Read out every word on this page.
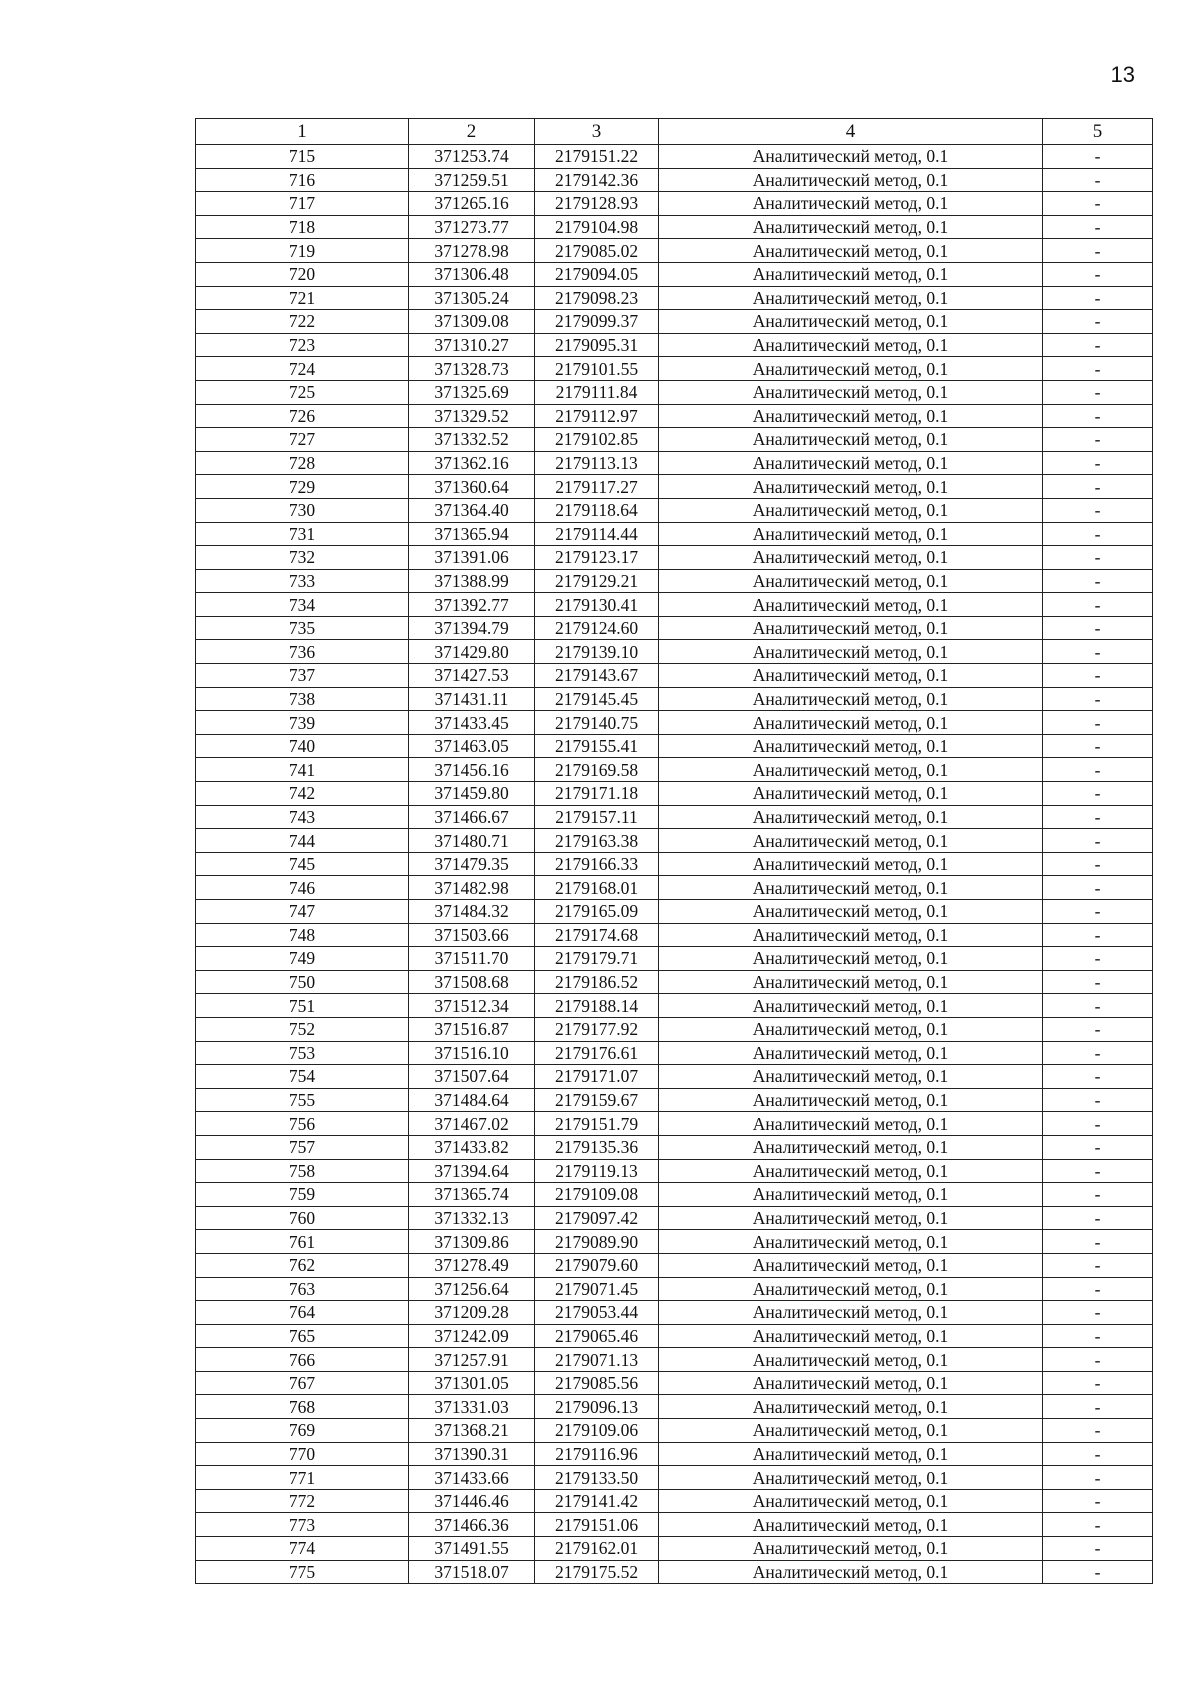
13
1	2	3	4	5
715	371253.74	2179151.22	Аналитический метод, 0.1	-
716	371259.51	2179142.36	Аналитический метод, 0.1	-
717	371265.16	2179128.93	Аналитический метод, 0.1	-
718	371273.77	2179104.98	Аналитический метод, 0.1	-
719	371278.98	2179085.02	Аналитический метод, 0.1	-
720	371306.48	2179094.05	Аналитический метод, 0.1	-
721	371305.24	2179098.23	Аналитический метод, 0.1	-
722	371309.08	2179099.37	Аналитический метод, 0.1	-
723	371310.27	2179095.31	Аналитический метод, 0.1	-
724	371328.73	2179101.55	Аналитический метод, 0.1	-
725	371325.69	2179111.84	Аналитический метод, 0.1	-
726	371329.52	2179112.97	Аналитический метод, 0.1	-
727	371332.52	2179102.85	Аналитический метод, 0.1	-
728	371362.16	2179113.13	Аналитический метод, 0.1	-
729	371360.64	2179117.27	Аналитический метод, 0.1	-
730	371364.40	2179118.64	Аналитический метод, 0.1	-
731	371365.94	2179114.44	Аналитический метод, 0.1	-
732	371391.06	2179123.17	Аналитический метод, 0.1	-
733	371388.99	2179129.21	Аналитический метод, 0.1	-
734	371392.77	2179130.41	Аналитический метод, 0.1	-
735	371394.79	2179124.60	Аналитический метод, 0.1	-
736	371429.80	2179139.10	Аналитический метод, 0.1	-
737	371427.53	2179143.67	Аналитический метод, 0.1	-
738	371431.11	2179145.45	Аналитический метод, 0.1	-
739	371433.45	2179140.75	Аналитический метод, 0.1	-
740	371463.05	2179155.41	Аналитический метод, 0.1	-
741	371456.16	2179169.58	Аналитический метод, 0.1	-
742	371459.80	2179171.18	Аналитический метод, 0.1	-
743	371466.67	2179157.11	Аналитический метод, 0.1	-
744	371480.71	2179163.38	Аналитический метод, 0.1	-
745	371479.35	2179166.33	Аналитический метод, 0.1	-
746	371482.98	2179168.01	Аналитический метод, 0.1	-
747	371484.32	2179165.09	Аналитический метод, 0.1	-
748	371503.66	2179174.68	Аналитический метод, 0.1	-
749	371511.70	2179179.71	Аналитический метод, 0.1	-
750	371508.68	2179186.52	Аналитический метод, 0.1	-
751	371512.34	2179188.14	Аналитический метод, 0.1	-
752	371516.87	2179177.92	Аналитический метод, 0.1	-
753	371516.10	2179176.61	Аналитический метод, 0.1	-
754	371507.64	2179171.07	Аналитический метод, 0.1	-
755	371484.64	2179159.67	Аналитический метод, 0.1	-
756	371467.02	2179151.79	Аналитический метод, 0.1	-
757	371433.82	2179135.36	Аналитический метод, 0.1	-
758	371394.64	2179119.13	Аналитический метод, 0.1	-
759	371365.74	2179109.08	Аналитический метод, 0.1	-
760	371332.13	2179097.42	Аналитический метод, 0.1	-
761	371309.86	2179089.90	Аналитический метод, 0.1	-
762	371278.49	2179079.60	Аналитический метод, 0.1	-
763	371256.64	2179071.45	Аналитический метод, 0.1	-
764	371209.28	2179053.44	Аналитический метод, 0.1	-
765	371242.09	2179065.46	Аналитический метод, 0.1	-
766	371257.91	2179071.13	Аналитический метод, 0.1	-
767	371301.05	2179085.56	Аналитический метод, 0.1	-
768	371331.03	2179096.13	Аналитический метод, 0.1	-
769	371368.21	2179109.06	Аналитический метод, 0.1	-
770	371390.31	2179116.96	Аналитический метод, 0.1	-
771	371433.66	2179133.50	Аналитический метод, 0.1	-
772	371446.46	2179141.42	Аналитический метод, 0.1	-
773	371466.36	2179151.06	Аналитический метод, 0.1	-
774	371491.55	2179162.01	Аналитический метод, 0.1	-
775	371518.07	2179175.52	Аналитический метод, 0.1	-
